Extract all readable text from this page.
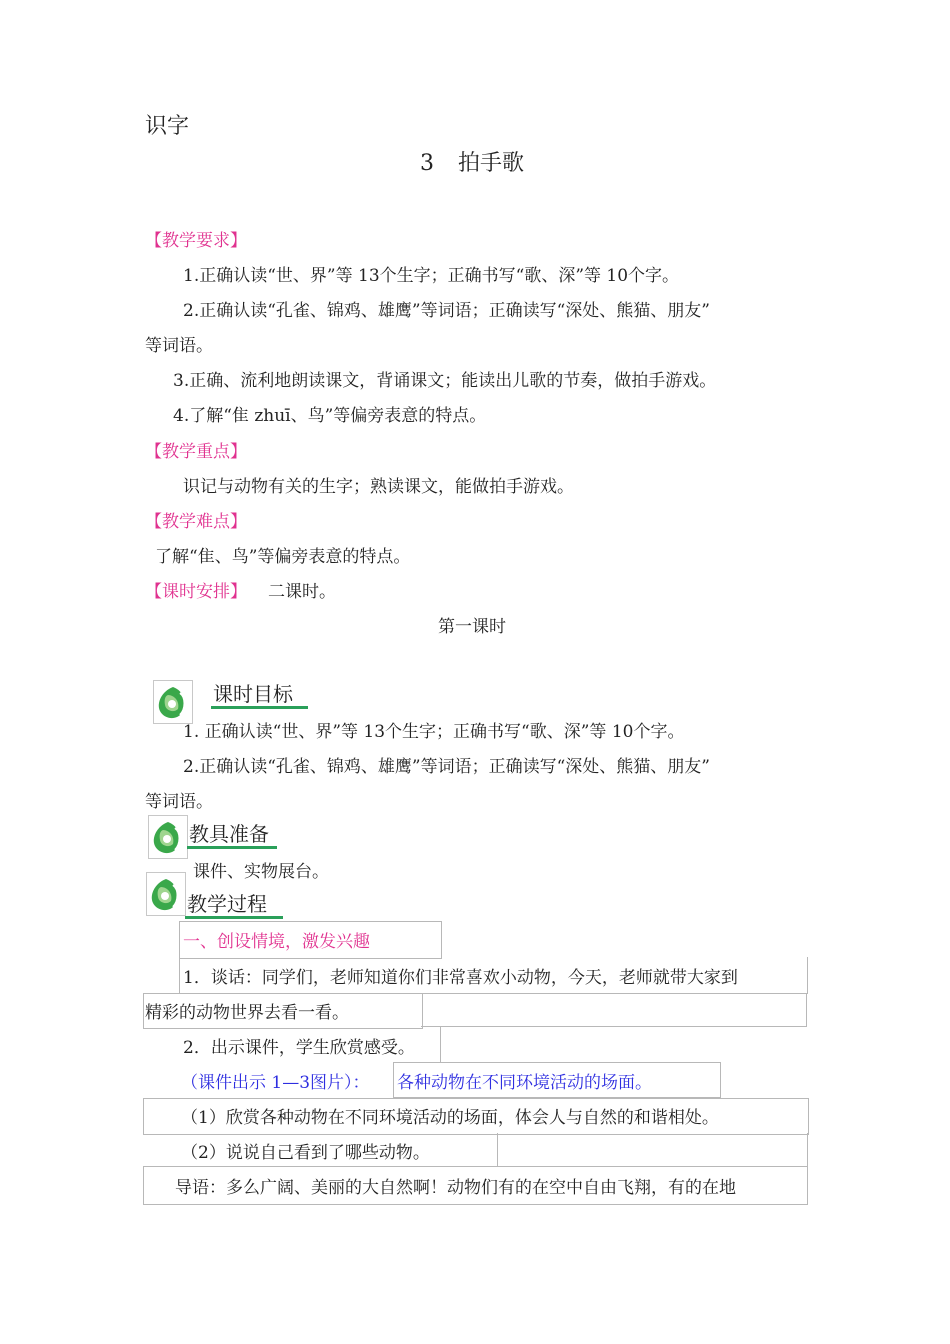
识字
3 拍手歌
【教学要求】
1.正确认读“世、界”等 13个生字；正确书写“歌、深”等 10个字。
2.正确认读“孔雀、锦鸡、雄鹰”等词语；正确读写“深处、熊猫、朋友”
等词语。
3.正确、流利地朗读课文，背诵课文；能读出儿歌的节奏，做拍手游戏。
4.了解“隹 zhuī、鸟”等偏旁表意的特点。
【教学重点】
识记与动物有关的生字；熟读课文，能做拍手游戏。
【教学难点】
了解“隹、鸟”等偏旁表意的特点。
【课时安排】 二课时。
第一课时
课时目标
1. 正确认读“世、界”等 13个生字；正确书写“歌、深”等 10个字。
2.正确认读“孔雀、锦鸡、雄鹰”等词语；正确读写“深处、熊猫、朋友”
等词语。
教具准备
课件、实物展台。
教学过程
一、创设情境，激发兴趣
1．谈话：同学们，老师知道你们非常喜欢小动物，今天，老师就带大家到
精彩的动物世界去看一看。
2．出示课件，学生欣赏感受。
（课件出示 1—3图片）： 各种动物在不同环境活动的场面。
（1）欣赏各种动物在不同环境活动的场面，体会人与自然的和谐相处。
（2）说说自己看到了哪些动物。
导语：多么广阔、美丽的大自然啊！动物们有的在空中自由飞翔，有的在地
